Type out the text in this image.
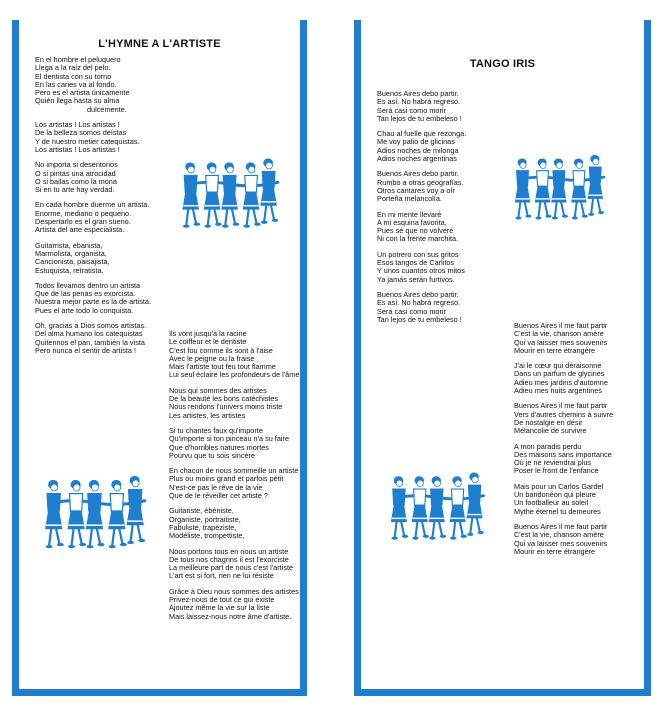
L'HYMNE A L'ARTISTE
En el hombre el peluquero
Llega a la raíz del pelo.
El dentista con su torno
En las caries va al fondo.
Pero es el artista únicamente
Quién llega hasta su alma
dulcemente.
Los artistas ! Los artistas !
De la belleza somos deístas
Y de nuestro metier catequistas.
Los artistas ! Los artistas !
No importa si desentonos
O si pintas una atrocidad
O si bailas como la mona
Si en tu arte hay verdad.
En cada hombre duerme un artista.
Enorme, mediano o pequeno.
Despertarlo es el gran sueno.
Artista del arte especialista.
Guitarrista, ebanista,
Marmolista, organista,
Cancionista, paisajista,
Estuquista, retratista.
Todos llevamos dentro un artista
Que de las penas es exorcista.
Nuestra mejor parte es la de artista.
Pues el arte todo lo conquista.
Oh, gracias a Dios somos artistas.
Del alma humano los catequistas
Quitennos el pan, también la vista
Pero nunca el sentir de artista !
Ils vont jusqu'à la racine
Le coiffeur et le dentiste
C'est fou comme ils sont à l'aise
Avec le peigne ou la fraise
Mais l'artiste tout feu tout flamme
Lui seul éclaire les profondeurs de l'âme
Nous qui sommes des artistes
De la beauté les bons catéchistes
Nous rendons l'univers moins triste
Les artistes, les artistes
Si tu chantes faux qu'importe
Qu'importe si ton pinceau n'a su faire
Que d'horribles natures mortes
Pourvu que tu sois sincère
En chacun de nous sommeille un artiste
Plus ou moins grand et parfois petit
N'est-ce pas le rêve de la vie
Que de le réveiller cet artiste ?
Guitariste, ébéniste,
Organiste, portraitiste,
Fabuliste, trapéziste,
Modéliste, trompettiste,
Nous portons tous en nous un artiste
De tous nos chagrins il est l'exorciste
La meilleure part de nous c'est l'artiste
L'art est si fort, rien ne lui résiste
Grâce à Dieu nous sommes des artistes
Privez-nous de tout ce qui existe
Ajoutez même la vie sur la liste
Mais laissez-nous notre âme d'artiste.
TANGO IRIS
Buenos Aires debo partir.
Es así. No habrá regreso.
Será casi como morir
Tan lejos de tu embeleso !
Chau al fuelle que rezonga.
Me voy patio de glicinas
Adios noches de milonga
Adios noches argentinas
Buenos Aires debo partir.
Rumbo a otras geografías.
Otros cantares voy a oír
Porteña melancolía.
En mi mente llevaré
A mi esquina favorita,
Pues sé que no volveré
Ni con la frente marchita.
Un potrero con sus gritos
Esos tangos de Carlitos
Y unos cuantos otros mitos
Ya jamás serán furtivos.
Buenos Aires debo partir.
Es así. No habrá regreso.
Sera casi como morir
Tan lejos de tu embeleso !
Buenos Aires il me faut partir
C'est la vie, chanson amère
Qui va laisser mes souvenirs
Mourir en terre étrangère
J'ai le cœur qui déraisonne
Dans un parfum de glycines
Adieu mes jardins d'automne
Adieu mes nuits argentines
Buenos Aires il me faut partir
Vers d'autres chemins à suivre
De nostalgie en désir
Mélancolie de survivre
A mon paradis perdu
Des maisons sans importance
Où je ne reviendrai plus
Poser le front de l'enfance
Mais pour un Carlos Gardel
Un bandonéon qui pleure
Un footballeur au soleil
Mythe éternel tu demeures
Buenos Aires il me faut partir
C'est la vie, chanson amère
Qui va laisser mes souvenirs
Mourir en terre étrangère
